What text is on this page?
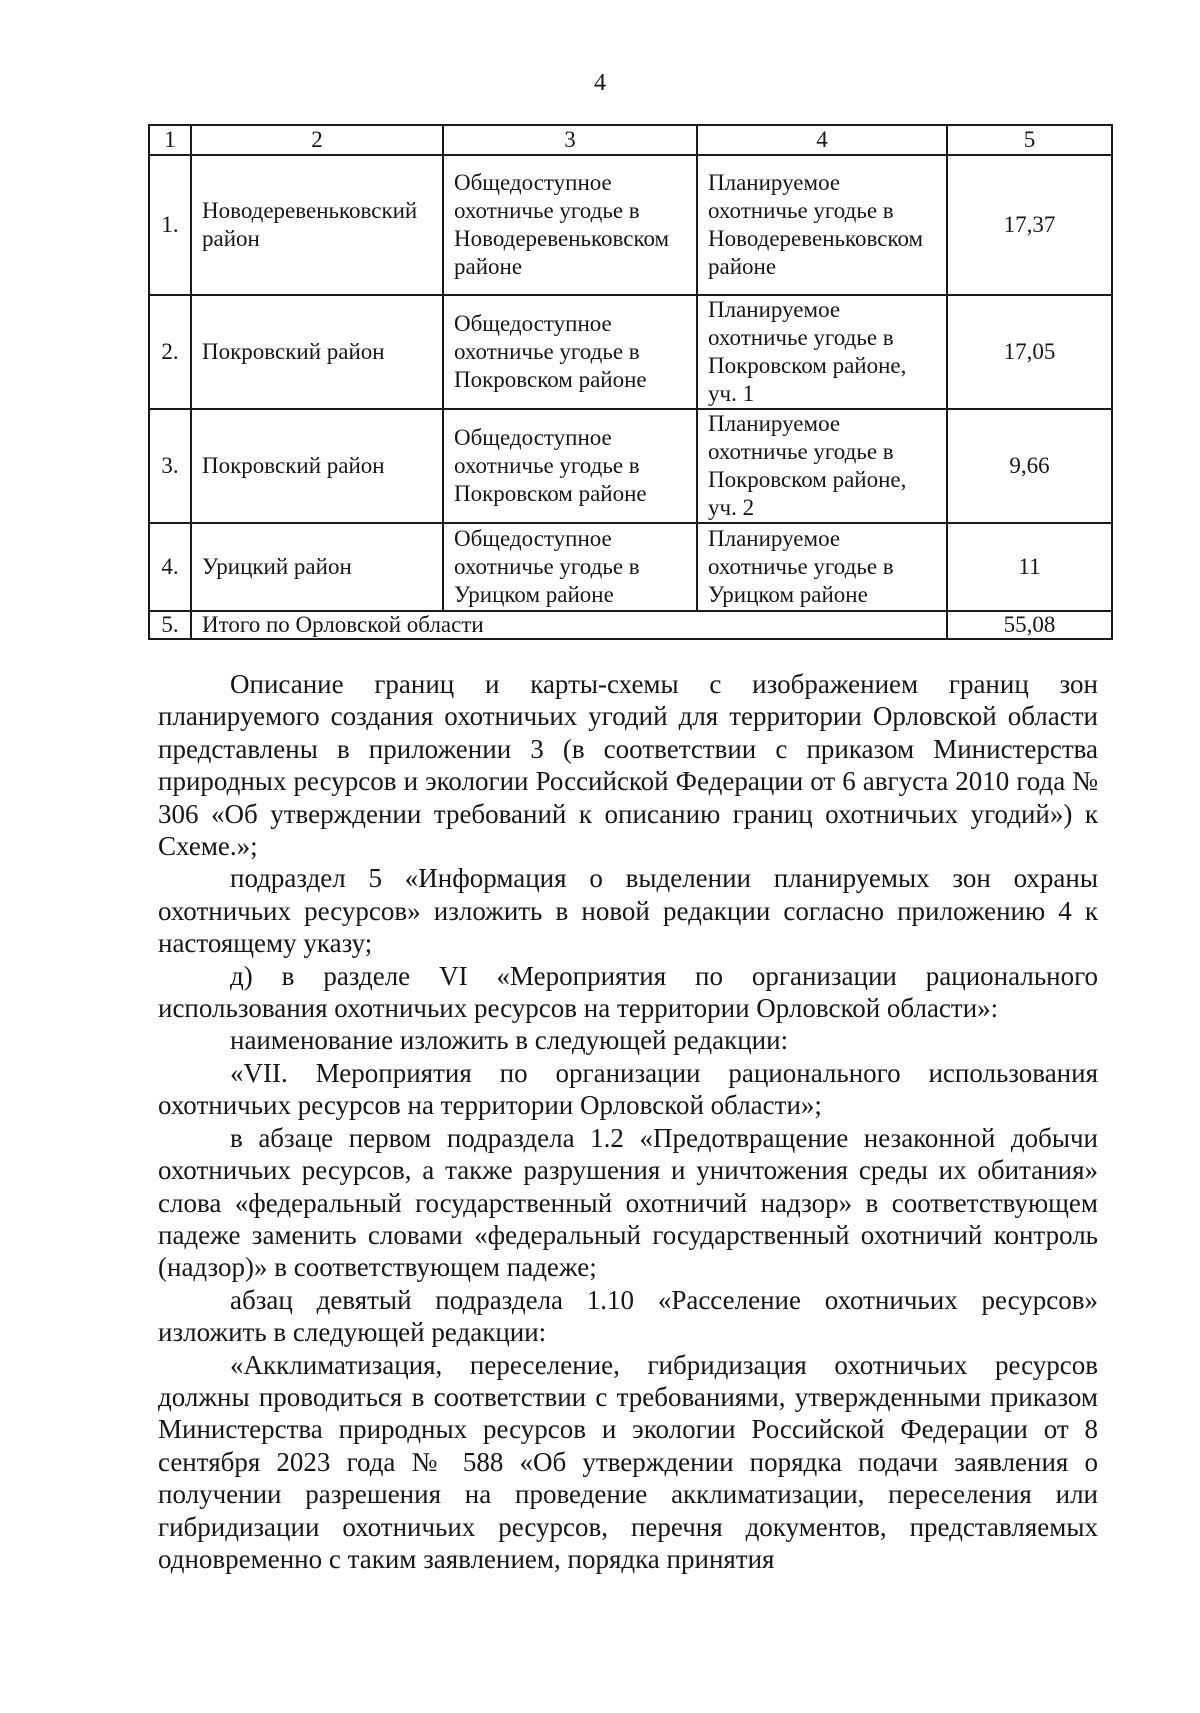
4
1	2	3	4	5
1.	Новодеревеньковский район	Общедоступное охотничье угодье в Новодеревеньковском районе	Планируемое охотничье угодье в Новодеревеньковском районе	17,37
2.	Покровский район	Общедоступное охотничье угодье в Покровском районе	Планируемое охотничье угодье в Покровском районе, уч. 1	17,05
3.	Покровский район	Общедоступное охотничье угодье в Покровском районе	Планируемое охотничье угодье в Покровском районе, уч. 2	9,66
4.	Урицкий район	Общедоступное охотничье угодье в Урицком районе	Планируемое охотничье угодье в Урицком районе	11
5.	Итого по Орловской области			55,08

Описание границ и карты-схемы с изображением границ зон планируемого создания охотничьих угодий для территории Орловской области представлены в приложении 3 (в соответствии с приказом Министерства природных ресурсов и экологии Российской Федерации от 6 августа 2010 года № 306 «Об утверждении требований к описанию границ охотничьих угодий») к Схеме.»;

подраздел 5 «Информация о выделении планируемых зон охраны охотничьих ресурсов» изложить в новой редакции согласно приложению 4 к настоящему указу;

д) в разделе VI «Мероприятия по организации рационального использования охотничьих ресурсов на территории Орловской области»:

наименование изложить в следующей редакции:

«VII. Мероприятия по организации рационального использования охотничьих ресурсов на территории Орловской области»;

в абзаце первом подраздела 1.2 «Предотвращение незаконной добычи охотничьих ресурсов, а также разрушения и уничтожения среды их обитания» слова «федеральный государственный охотничий надзор» в соответствующем падеже заменить словами «федеральный государственный охотничий контроль (надзор)» в соответствующем падеже;

абзац девятый подраздела 1.10 «Расселение охотничьих ресурсов» изложить в следующей редакции:

«Акклиматизация, переселение, гибридизация охотничьих ресурсов должны проводиться в соответствии с требованиями, утвержденными приказом Министерства природных ресурсов и экологии Российской Федерации от 8 сентября 2023 года № 588 «Об утверждении порядка подачи заявления о получении разрешения на проведение акклиматизации, переселения или гибридизации охотничьих ресурсов, перечня документов, представляемых одновременно с таким заявлением, порядка принятия
